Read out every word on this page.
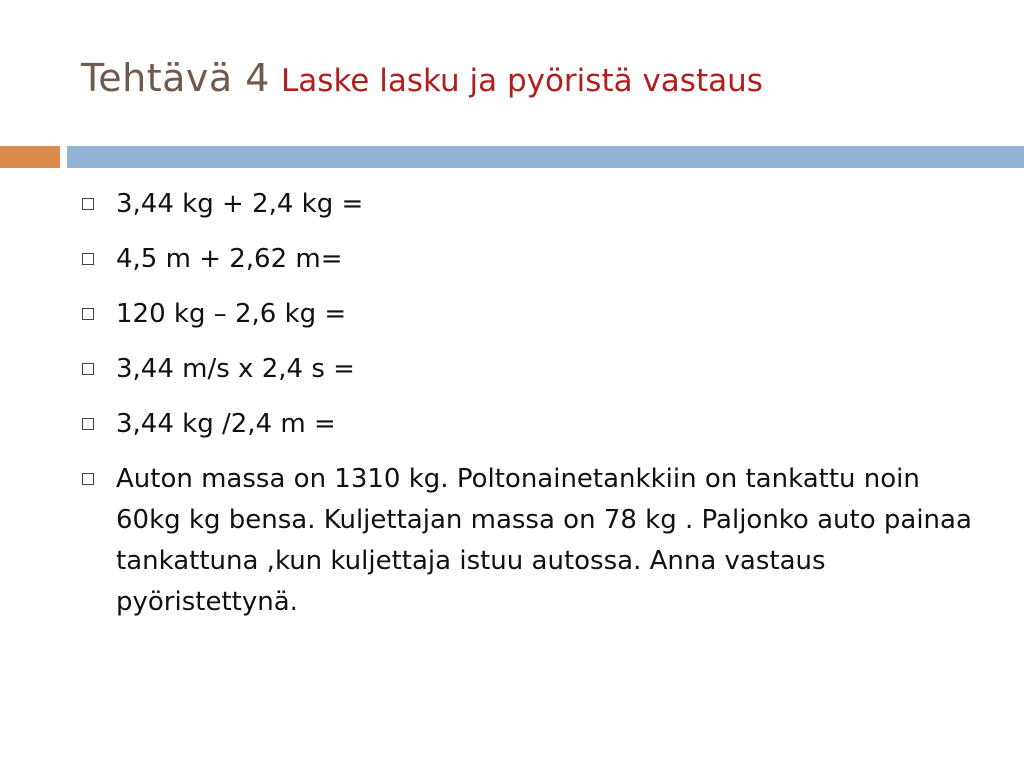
Tehtävä 4 Laske lasku ja pyöristä vastaus
3,44 kg + 2,4 kg =
4,5 m + 2,62 m=
120 kg – 2,6 kg =
3,44 m/s x 2,4 s =
3,44 kg /2,4 m =
Auton massa on 1310 kg. Poltonainetankkiin on tankattu noin 60kg kg bensa. Kuljettajan massa on 78 kg . Paljonko auto painaa tankattuna ,kun kuljettaja istuu autossa. Anna vastaus pyöristettynä.
